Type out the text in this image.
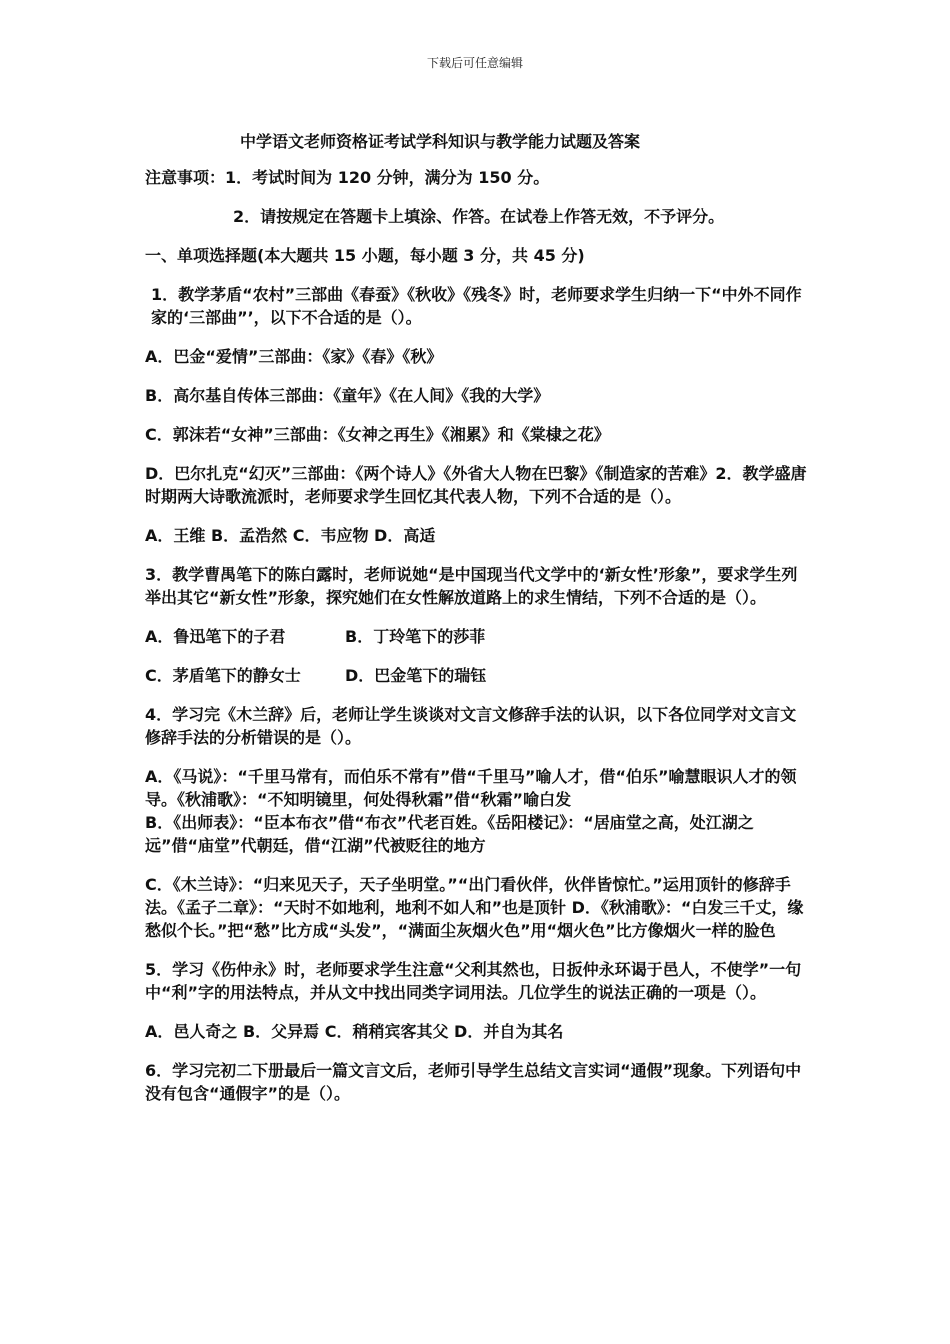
下载后可任意编辑
中学语文老师资格证考试学科知识与教学能力试题及答案

注意事项：1．考试时间为 120 分钟，满分为 150 分。

2．请按规定在答题卡上填涂、作答。在试卷上作答无效，不予评分。

一、单项选择题(本大题共 15 小题，每小题 3 分，共 45 分)

1．教学茅盾“农村”三部曲《春蚕》《秋收》《残冬》时，老师要求学生归纳一下“中外不同作家的‘三部曲”’，以下不合适的是（）。

A．巴金“爱情”三部曲：《家》《春》《秋》

B．高尔基自传体三部曲：《童年》《在人间》《我的大学》

C．郭沫若“女神”三部曲：《女神之再生》《湘累》和《棠棣之花》

D．巴尔扎克“幻灭”三部曲：《两个诗人》《外省大人物在巴黎》《制造家的苦难》2．教学盛唐时期两大诗歌流派时，老师要求学生回忆其代表人物，下列不合适的是（）。

A．王维 B．孟浩然 C．韦应物 D．高适

3．教学曹禺笔下的陈白露时，老师说她“是中国现当代文学中的‘新女性’形象”，要求学生列举出其它“新女性”形象，探究她们在女性解放道路上的求生情结，下列不合适的是（）。

A．鲁迅笔下的子君	B．丁玲笔下的莎菲
C．茅盾笔下的静女士	D．巴金笔下的瑞钰

4．学习完《木兰辞》后，老师让学生谈谈对文言文修辞手法的认识，以下各位同学对文言文修辞手法的分析错误的是（）。

A．《马说》：“千里马常有，而伯乐不常有”借“千里马”喻人才，借“伯乐”喻慧眼识人才的领导。《秋浦歌》：“不知明镜里，何处得秋霜”借“秋霜”喻白发

B．《出师表》：“臣本布衣”借“布衣”代老百姓。《岳阳楼记》：“居庙堂之高，处江湖之远”借“庙堂”代朝廷，借“江湖”代被贬往的地方

C．《木兰诗》：“归来见天子，天子坐明堂。”“出门看伙伴，伙伴皆惊忙。”运用顶针的修辞手法。《孟子二章》：“天时不如地利，地利不如人和”也是顶针 D．《秋浦歌》：“白发三千丈，缘愁似个长。”把“愁”比方成“头发”，“满面尘灰烟火色”用“烟火色”比方像烟火一样的脸色

5．学习《伤仲永》时，老师要求学生注意“父利其然也，日扳仲永环谒于邑人，不使学”一句中“利”字的用法特点，并从文中找出同类字词用法。几位学生的说法正确的一项是（）。

A．邑人奇之 B．父异焉 C．稍稍宾客其父 D．并自为其名

6．学习完初二下册最后一篇文言文后，老师引导学生总结文言实词“通假”现象。下列语句中没有包含“通假字”的是（）。
